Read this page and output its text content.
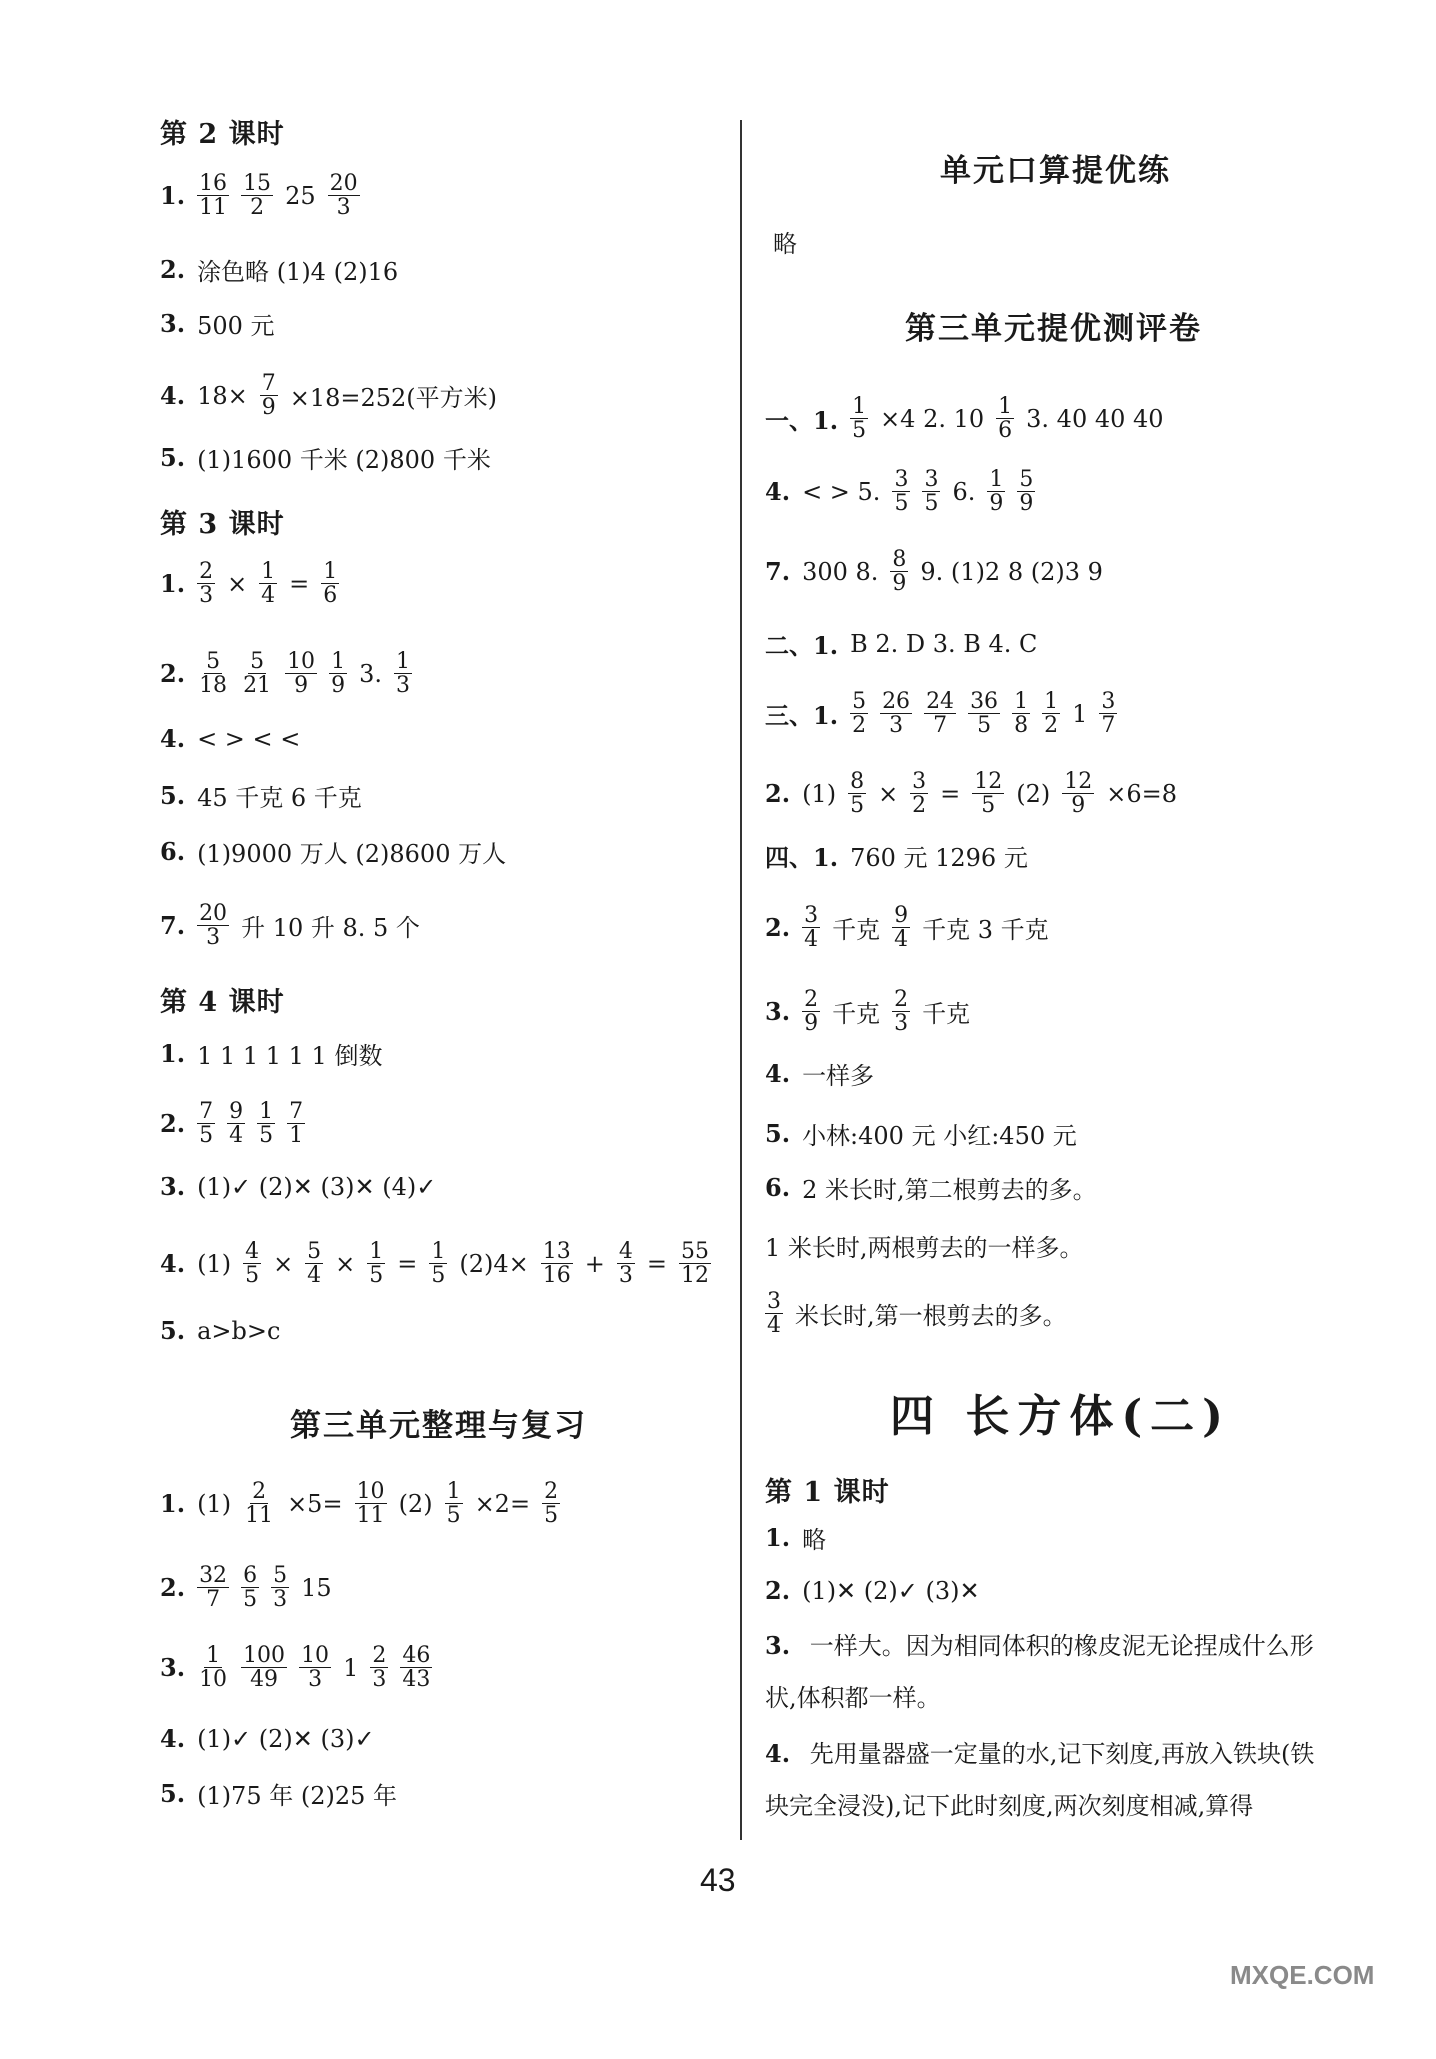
第 2 课时
1. $\frac{16}{11} \frac{15}{2} 25 \frac{20}{3}$
2. 涂色略 (1)4 (2)16
3. 500 元
4. $18\times \frac{7}{9} \times 18=252$(平方米)
5. (1)1600 千米 (2)800 千米
第 3 课时
1. $\frac{2}{3} \times \frac{1}{4} = \frac{1}{6}$
2. $\frac{5}{18} \frac{5}{21} \frac{10}{9} \frac{1}{9} 3$. $\frac{1}{3}$
4. < > < <
5. 45 千克 6 千克
6. (1)9000 万人 (2)8600 万人
7. $\frac{20}{3}$ 升 10 升 8. 5 个
第 4 课时
1. 1 1 1 1 1 1 倒数
2. $\frac{7}{5} \frac{9}{4} \frac{1}{5} \frac{7}{1}$
3. (1)✓ (2)✕ (3)✕ (4)✓
4. $(1) \frac{4}{5} \times \frac{5}{4} \times \frac{1}{5} = \frac{1}{5} (2)4\times \frac{13}{16} + \frac{4}{3} = \frac{55}{12}$
5. a>b>c
第三单元整理与复习
1. $(1) \frac{2}{11} \times 5= \frac{10}{11} (2) \frac{1}{5} \times 2= \frac{2}{5}$
2. $\frac{32}{7} \frac{6}{5} \frac{5}{3} 15$
3. $\frac{1}{10} \frac{100}{49} \frac{10}{3} 1 \frac{2}{3} \frac{46}{43}$
4. (1)✓ (2)✕ (3)✓
5. (1)75 年 (2)25 年
单元口算提优练
略
第三单元提优测评卷
一、1. $\frac{1}{5} \times 4$ 2. $10 \frac{1}{6} 3$. 40 40 40
4. < > 5. $\frac{3}{5} \frac{3}{5} 6$. $\frac{1}{9} \frac{5}{9}$
7. 300 8. $\frac{8}{9} 9$. (1)2 8 (2)3 9
二、1. B 2. D 3. B 4. C
三、1. $\frac{5}{2} \frac{26}{3} \frac{24}{7} \frac{36}{5} \frac{1}{8} \frac{1}{2} 1 \frac{3}{7}$
2. $(1) \frac{8}{5} \times \frac{3}{2} = \frac{12}{5} (2) \frac{12}{9} \times 6=8$
四、1. 760 元 1296 元
2. $\frac{3}{4}$ 千克 $\frac{9}{4}$ 千克 3 千克
3. $\frac{2}{9}$ 千克 $\frac{2}{3}$ 千克
4. 一样多
5. 小林:400 元 小红:450 元
6. 2 米长时,第二根剪去的多。
1 米长时,两根剪去的一样多。
$\frac{3}{4}$ 米长时,第一根剪去的多。
四 长方体(二)
第 1 课时
1. 略
2. (1)✕ (2)✓ (3)✕
3. 一样大。因为相同体积的橡皮泥无论捏成什么形状,体积都一样。
4. 先用量器盛一定量的水,记下刻度,再放入铁块(铁块完全浸没),记下此时刻度,两次刻度相减,算得
43
MXQE.COM
